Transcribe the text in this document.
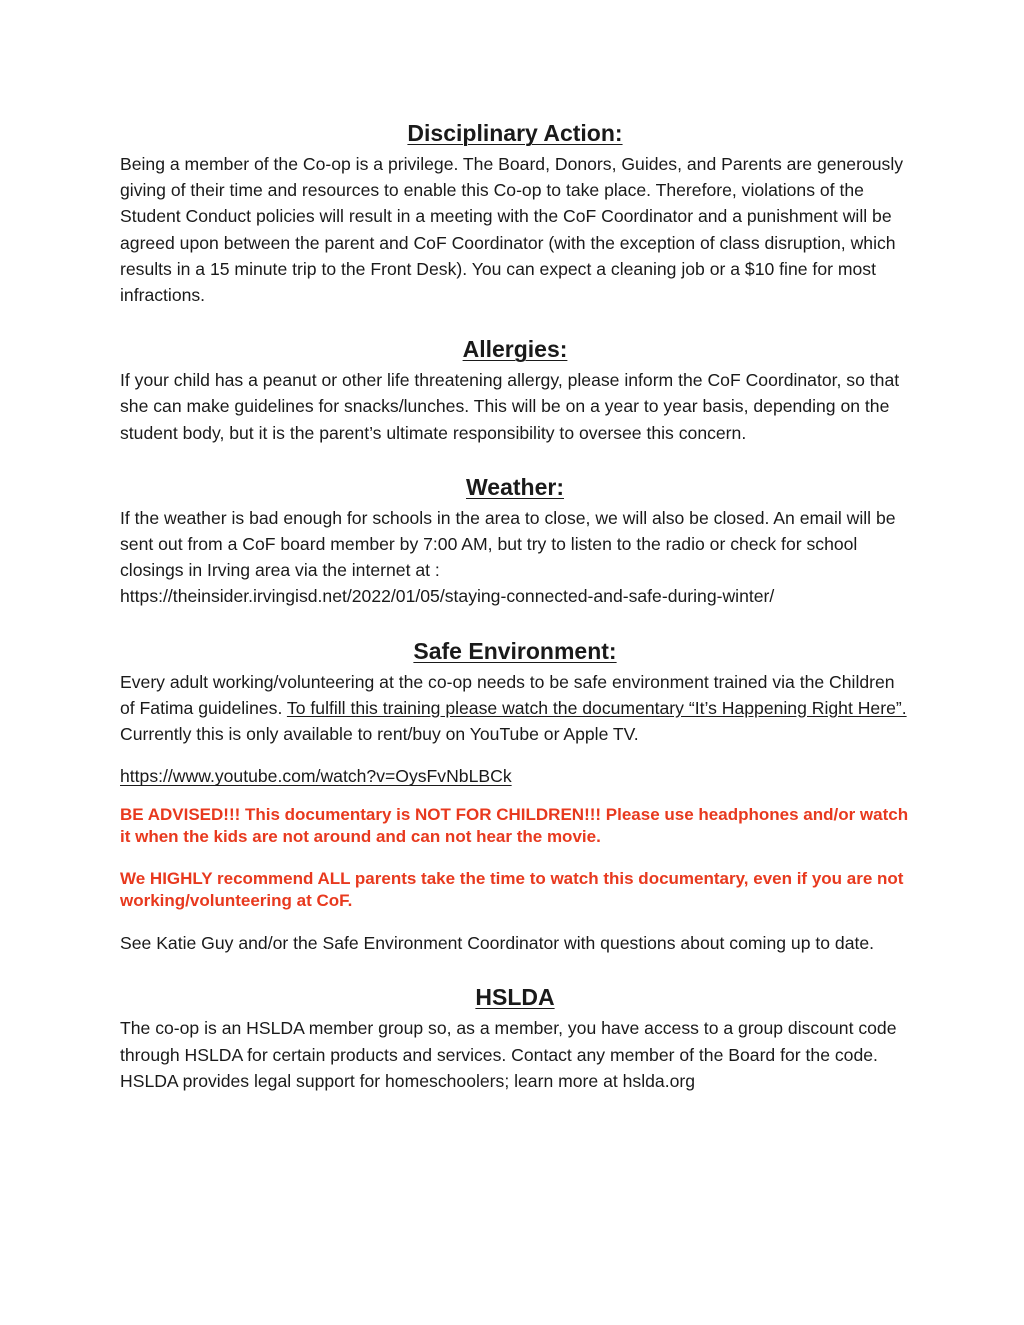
Disciplinary Action:

Being a member of the Co-op is a privilege. The Board, Donors, Guides, and Parents are generously giving of their time and resources to enable this Co-op to take place. Therefore, violations of the Student Conduct policies will result in a meeting with the CoF Coordinator and a punishment will be agreed upon between the parent and CoF Coordinator (with the exception of class disruption, which results in a 15 minute trip to the Front Desk). You can expect a cleaning job or a $10 fine for most infractions.

Allergies:

If your child has a peanut or other life threatening allergy, please inform the CoF Coordinator, so that she can make guidelines for snacks/lunches. This will be on a year to year basis, depending on the student body, but it is the parent’s ultimate responsibility to oversee this concern.

Weather:

If the weather is bad enough for schools in the area to close, we will also be closed. An email will be sent out from a CoF board member by 7:00 AM, but try to listen to the radio or check for school closings in Irving area via the internet at :

https://theinsider.irvingisd.net/2022/01/05/staying-connected-and-safe-during-winter/

Safe Environment:

Every adult working/volunteering at the co-op needs to be safe environment trained via the Children of Fatima guidelines. To fulfill this training please watch the documentary “It’s Happening Right Here”. Currently this is only available to rent/buy on YouTube or Apple TV.

https://www.youtube.com/watch?v=OysFvNbLBCk

BE ADVISED!!! This documentary is NOT FOR CHILDREN!!! Please use headphones and/or watch it when the kids are not around and can not hear the movie.

We HIGHLY recommend ALL parents take the time to watch this documentary, even if you are not working/volunteering at CoF.

See Katie Guy and/or the Safe Environment Coordinator with questions about coming up to date.

HSLDA

The co-op is an HSLDA member group so, as a member, you have access to a group discount code through HSLDA for certain products and services. Contact any member of the Board for the code. HSLDA provides legal support for homeschoolers; learn more at hslda.org
